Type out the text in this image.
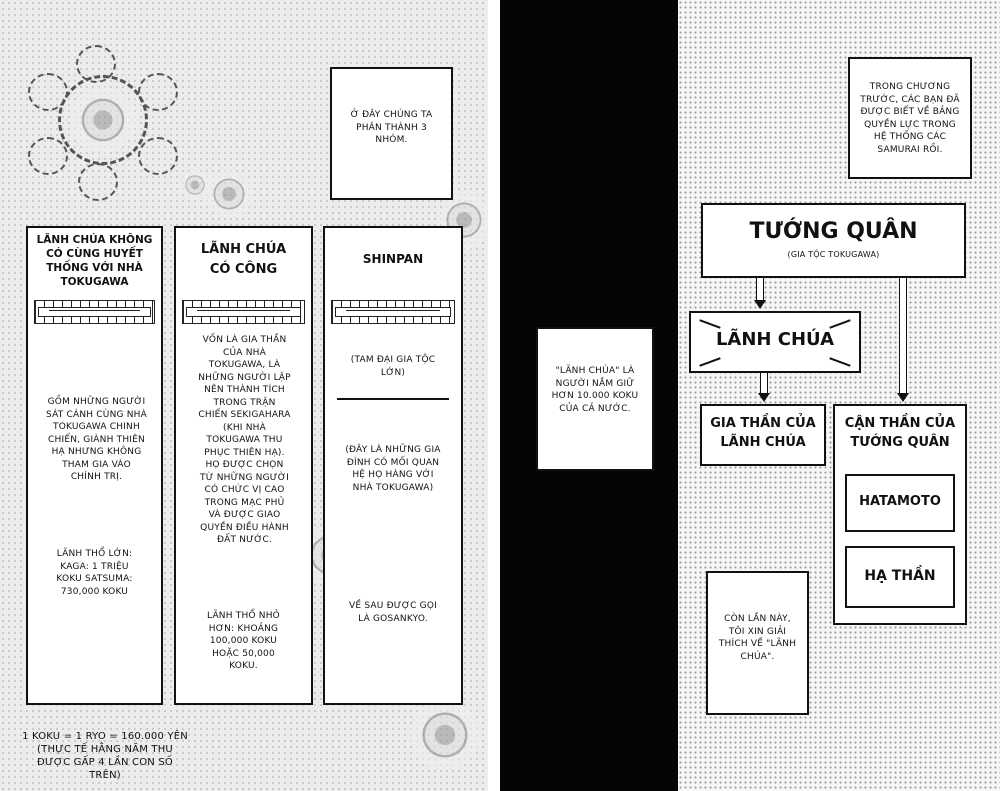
Ở ĐÂY CHÚNG TA PHÂN THÀNH 3 NHÓM.
LÃNH CHÚA KHÔNG CÓ CÙNG HUYẾT THỐNG VỚI NHÀ TOKUGAWA
GỒM NHỮNG NGƯỜI SÁT CÁNH CÙNG NHÀ TOKUGAWA CHINH CHIẾN, GIÀNH THIÊN HẠ NHƯNG KHÔNG THAM GIA VÀO CHÍNH TRỊ.
LÃNH THỔ LỚN: KAGA: 1 TRIỆU KOKU SATSUMA: 730,000 KOKU
LÃNH CHÚA CÓ CÔNG
VỐN LÀ GIA THẦN CỦA NHÀ TOKUGAWA, LÀ NHỮNG NGƯỜI LẬP NÊN THÀNH TÍCH TRONG TRẬN CHIẾN SEKIGAHARA (KHI NHÀ TOKUGAWA THU PHỤC THIÊN HẠ). HỌ ĐƯỢC CHỌN TỪ NHỮNG NGƯỜI CÓ CHỨC VỊ CAO TRONG MẠC PHỦ VÀ ĐƯỢC GIAO QUYỀN ĐIỀU HÀNH ĐẤT NƯỚC.
LÃNH THỔ NHỎ HƠN: KHOẢNG 100,000 KOKU HOẶC 50,000 KOKU.
SHINPAN
(TAM ĐẠI GIA TỘC LỚN)
(ĐÂY LÀ NHỮNG GIA ĐÌNH CÓ MỐI QUAN HỆ HỌ HÀNG VỚI NHÀ TOKUGAWA)
VỀ SAU ĐƯỢC GỌI LÀ GOSANKYO.
1 KOKU = 1 RYO = 160.000 YÊN
(THỰC TẾ HẰNG NĂM THU ĐƯỢC GẤP 4 LẦN CON SỐ TRÊN)
"LÃNH CHÚA" LÀ NGƯỜI NẮM GIỮ HƠN 10.000 KOKU CỦA CẢ NƯỚC.
TRONG CHƯƠNG TRƯỚC, CÁC BẠN ĐÃ ĐƯỢC BIẾT VỀ BẢNG QUYỀN LỰC TRONG HỆ THỐNG CÁC SAMURAI RỒI.
TƯỚNG QUÂN
(GIA TỘC TOKUGAWA)
LÃNH CHÚA
GIA THẦN CỦA LÃNH CHÚA
CẬN THẦN CỦA TƯỚNG QUÂN
HATAMOTO
HẠ THẦN
CÒN LẦN NÀY, TÔI XIN GIẢI THÍCH VỀ "LÃNH CHÚA".
